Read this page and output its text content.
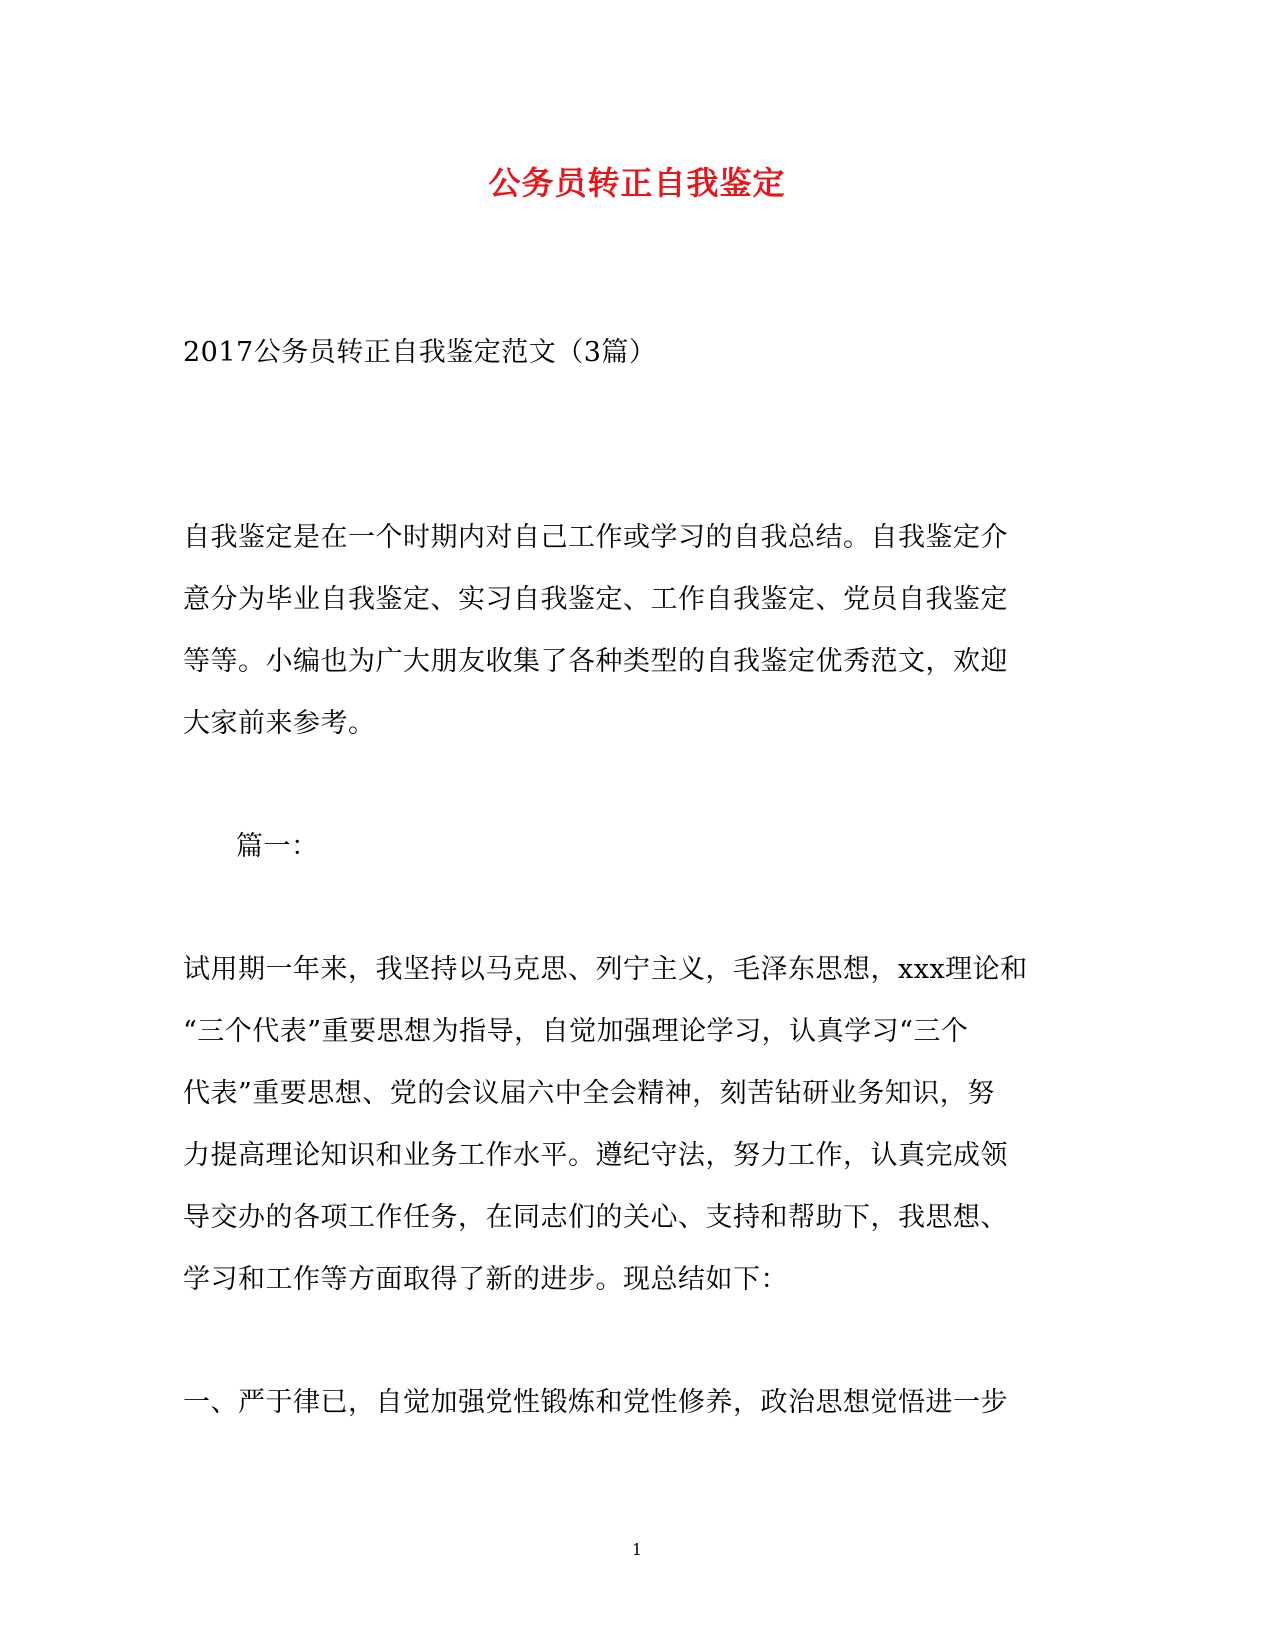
公务员转正自我鉴定
2017公务员转正自我鉴定范文（3篇）
自我鉴定是在一个时期内对自己工作或学习的自我总结。自我鉴定介
意分为毕业自我鉴定、实习自我鉴定、工作自我鉴定、党员自我鉴定
等等。小编也为广大朋友收集了各种类型的自我鉴定优秀范文，欢迎
大家前来参考。
篇一：
试用期一年来，我坚持以马克思、列宁主义，毛泽东思想，xxx理论和
“三个代表”重要思想为指导，自觉加强理论学习，认真学习“三个
代表”重要思想、党的会议届六中全会精神，刻苦钻研业务知识，努
力提高理论知识和业务工作水平。遵纪守法，努力工作，认真完成领
导交办的各项工作任务，在同志们的关心、支持和帮助下，我思想、
学习和工作等方面取得了新的进步。现总结如下：
一、严于律已，自觉加强党性锻炼和党性修养，政治思想觉悟进一步
1
